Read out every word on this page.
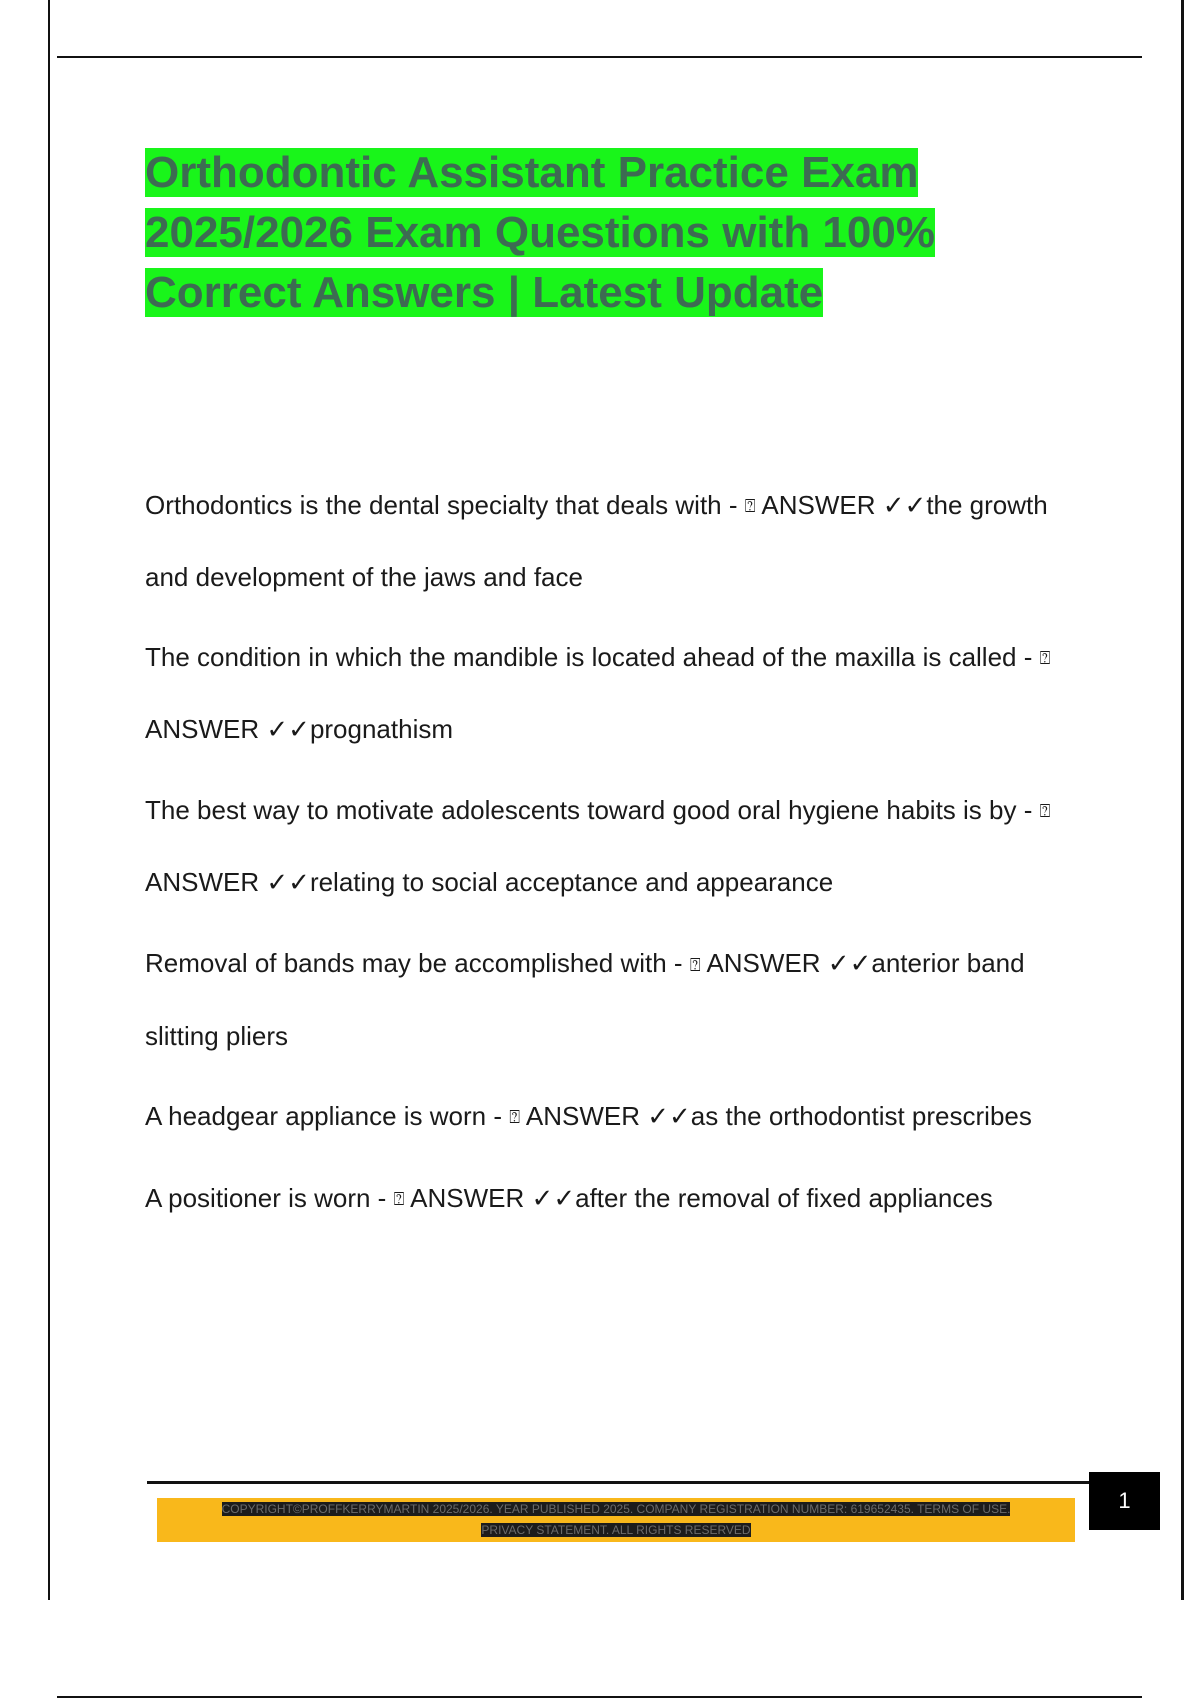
Orthodontic Assistant Practice Exam
2025/2026 Exam Questions with 100%
Correct Answers | Latest Update

Orthodontics is the dental specialty that deals with - ⍰ ANSWER ✓✓the growth and development of the jaws and face

The condition in which the mandible is located ahead of the maxilla is called - ⍰ ANSWER ✓✓prognathism

The best way to motivate adolescents toward good oral hygiene habits is by - ⍰ ANSWER ✓✓relating to social acceptance and appearance

Removal of bands may be accomplished with - ⍰ ANSWER ✓✓anterior band slitting pliers

A headgear appliance is worn - ⍰ ANSWER ✓✓as the orthodontist prescribes

A positioner is worn - ⍰ ANSWER ✓✓after the removal of fixed appliances

COPYRIGHT©PROFFKERRYMARTIN 2025/2026. YEAR PUBLISHED 2025. COMPANY REGISTRATION NUMBER: 619652435. TERMS OF USE.
PRIVACY STATEMENT. ALL RIGHTS RESERVED
1
